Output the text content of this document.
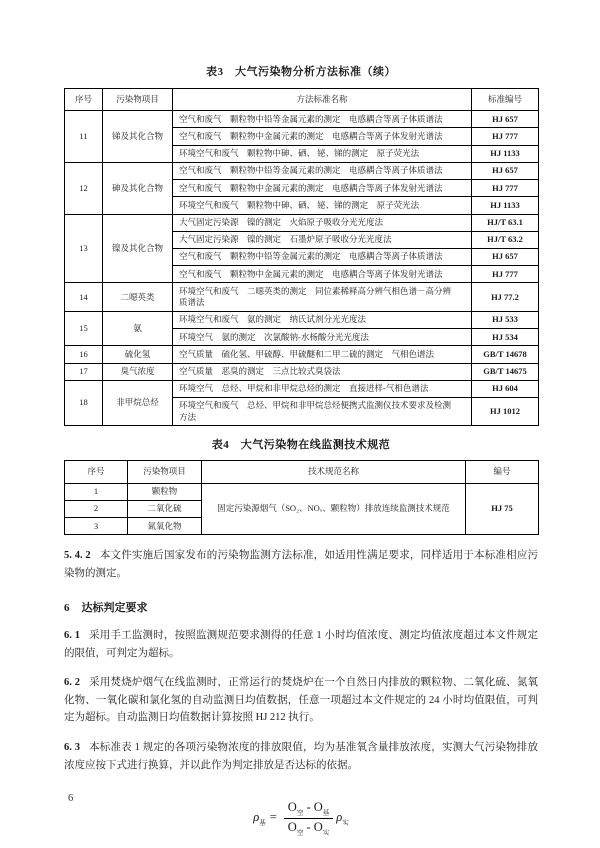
表3　大气污染物分析方法标准（续）
序号	污染物项目	方法标准名称	标准编号
11	锑及其化合物	空气和废气　颗粒物中铅等金属元素的测定　电感耦合等离子体质谱法	HJ 657
		空气和废气　颗粒物中金属元素的测定　电感耦合等离子体发射光谱法	HJ 777
		环境空气和废气　颗粒物中砷、硒、 铋、锑的测定　原子荧光法	HJ 1133
12	砷及其化合物	空气和废气　颗粒物中铅等金属元素的测定　电感耦合等离子体质谱法	HJ 657
		空气和废气　颗粒物中金属元素的测定　电感耦合等离子体发射光谱法	HJ 777
		环境空气和废气　颗粒物中砷、硒、 铋、锑的测定　原子荧光法	HJ 1133
13	镍及其化合物	大气固定污染源　镍的测定　火焰原子吸收分光光度法	HJ/T 63.1
		大气固定污染源　镍的测定　石墨炉原子吸收分光光度法	HJ/T 63.2
		空气和废气　颗粒物中铅等金属元素的测定　电感耦合等离子体质谱法	HJ 657
		空气和废气　颗粒物中金属元素的测定　电感耦合等离子体发射光谱法	HJ 777
14	二噁英类	环境空气和废气　二噁英类的测定　同位素稀释高分辨气相色谱－高分辨质谱法	HJ 77.2
15	氨	环境空气和废气　氨的测定　纳氏试剂分光光度法	HJ 533
		环境空气　氨的测定　次氯酸钠-水杨酸分光光度法	HJ 534
16	硫化氢	空气质量　硫化氢、甲硫醇、甲硫醚和二甲二硫的测定　气相色谱法	GB/T 14678
17	臭气浓度	空气质量　恶臭的测定　三点比较式臭袋法	GB/T 14675
18	非甲烷总烃	环境空气　总烃、甲烷和非甲烷总烃的测定　直接进样-气相色谱法	HJ 604
		环境空气和废气　总烃、甲烷和非甲烷总烃便携式监测仪技术要求及检测方法	HJ 1012
表4　大气污染物在线监测技术规范
序号	污染物项目	技术规范名称	编号
1	颗粒物	固定污染源烟气（SO₂、NOₓ、颗粒物）排放连续监测技术规范	HJ 75
2	二氧化硫		
3	氮氧化物		

5. 4. 2 本文件实施后国家发布的污染物监测方法标准，如适用性满足要求，同样适用于本标准相应污染物的测定。

6 达标判定要求

6. 1 采用手工监测时，按照监测规范要求测得的任意 1 小时均值浓度、测定均值浓度超过本文件规定的限值，可判定为超标。

6. 2 采用焚烧炉烟气在线监测时，正常运行的焚烧炉在一个自然日内排放的颗粒物、二氧化硫、氮氧化物、一氧化碳和氯化氢的自动监测日均值数据，任意一项超过本文件规定的 24 小时均值限值，可判定为超标。自动监测日均值数据计算按照 HJ 212 执行。

6. 3 本标准表 1 规定的各项污染物浓度的排放限值，均为基准氧含量排放浓度，实测大气污染物排放浓度应按下式进行换算，并以此作为判定排放是否达标的依据。

$\rho_基 = \frac{O_空 - O_基}{O_空 - O_实} \rho_实$
6
